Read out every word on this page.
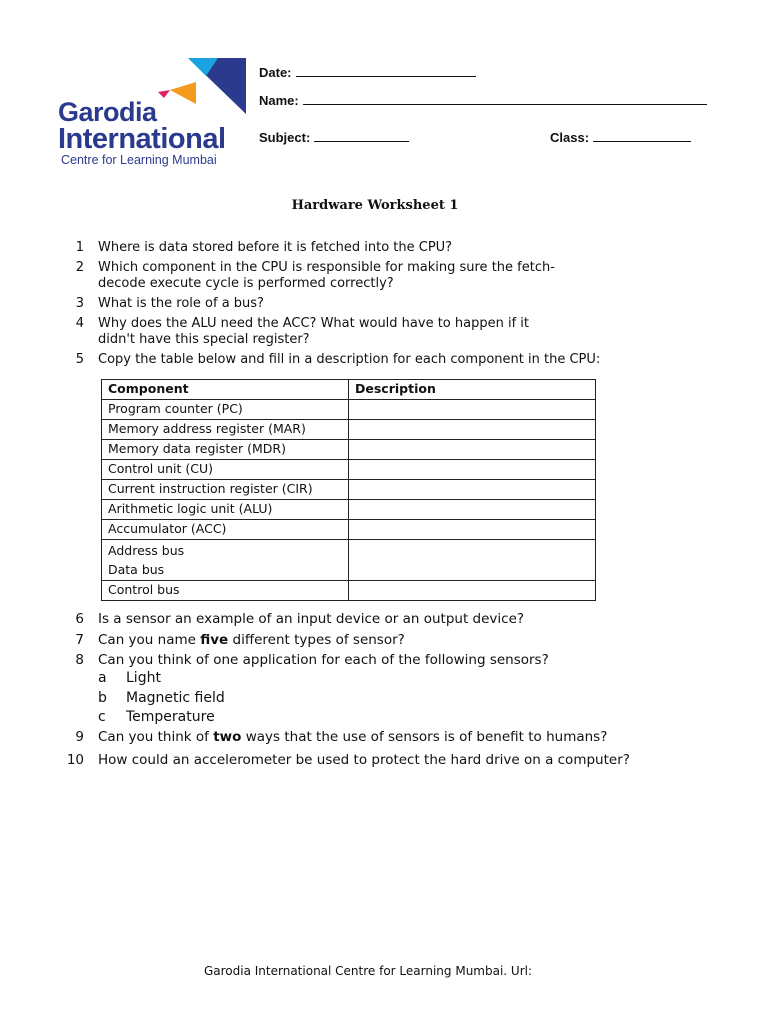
Garodia
International
Centre for Learning Mumbai
Date:
Name:
Subject:	Class:
Hardware Worksheet 1
1 Where is data stored before it is fetched into the CPU?
2 Which component in the CPU is responsible for making sure the fetch-
decode execute cycle is performed correctly?
3 What is the role of a bus?
4 Why does the ALU need the ACC? What would have to happen if it
didn't have this special register?
5 Copy the table below and fill in a description for each component in the CPU:
Component	Description
Program counter (PC)	
Memory address register (MAR)	
Memory data register (MDR)	
Control unit (CU)	
Current instruction register (CIR)	
Arithmetic logic unit (ALU)	
Accumulator (ACC)	

Address bus
Data bus	

Control bus	
6 Is a sensor an example of an input device or an output device?
7 Can you name five different types of sensor?
8 Can you think of one application for each of the following sensors?
a Light
b Magnetic field
c Temperature
9 Can you think of two ways that the use of sensors is of benefit to humans?
10 How could an accelerometer be used to protect the hard drive on a computer?
Garodia International Centre for Learning Mumbai. Url:
